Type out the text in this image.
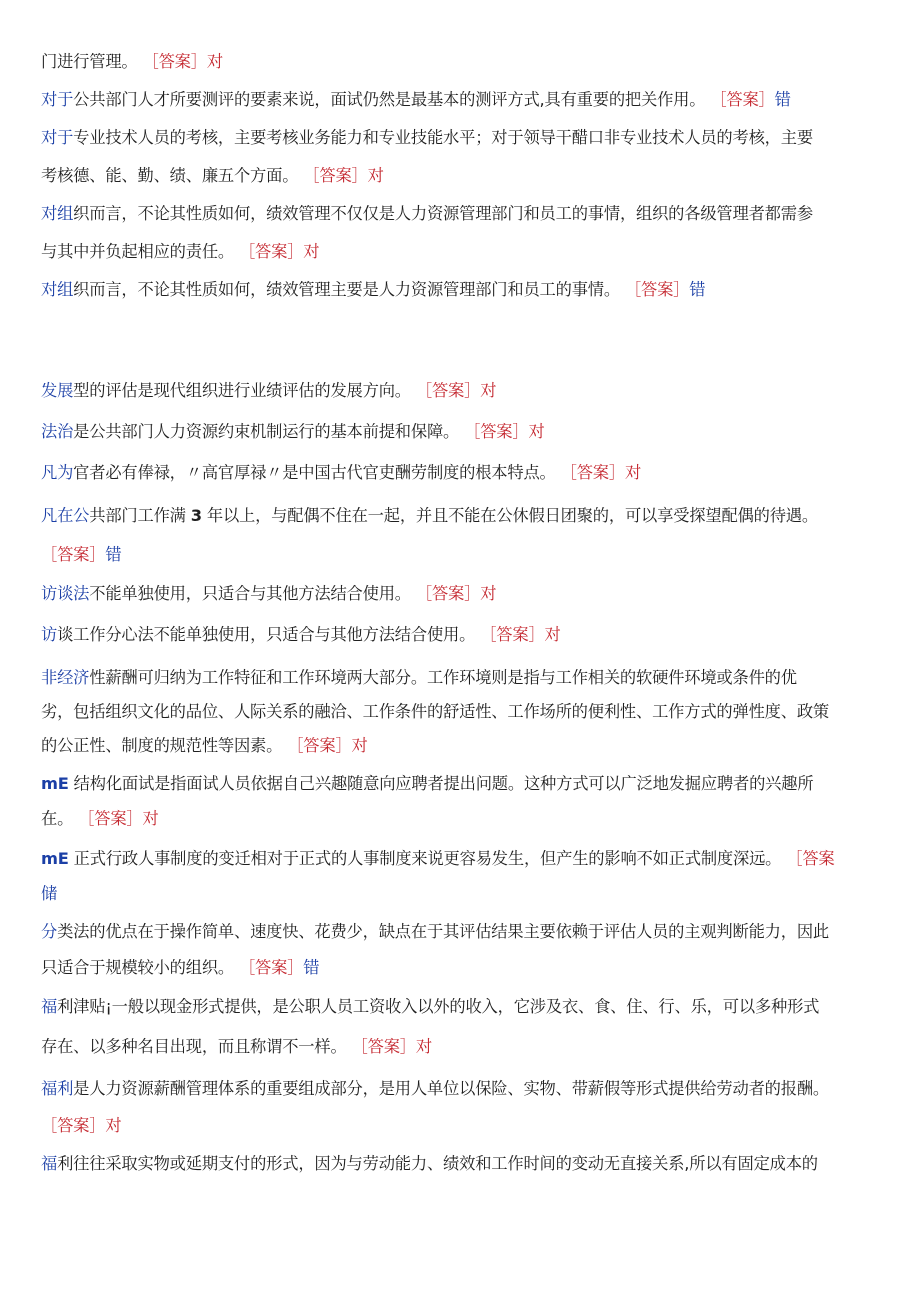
门进行管理。 ［答案］对
对于公共部门人才所要测评的要素来说，面试仍然是最基本的测评方式,具有重要的把关作用。 ［答案］错
对于专业技术人员的考核，主要考核业务能力和专业技能水平；对于领导干醋口非专业技术人员的考核，主要
考核德、能、勤、绩、廉五个方面。 ［答案］对
对组织而言，不论其性质如何，绩效管理不仅仅是人力资源管理部门和员工的事情，组织的各级管理者都需参
与其中并负起相应的责任。 ［答案］对
对组织而言，不论其性质如何，绩效管理主要是人力资源管理部门和员工的事情。 ［答案］错
发展型的评估是现代组织进行业绩评估的发展方向。 ［答案］对
法治是公共部门人力资源约束机制运行的基本前提和保障。 ［答案］对
凡为官者必有俸禄，〃高官厚禄〃是中国古代官吏酬劳制度的根本特点。 ［答案］对
凡在公共部门工作满 3 年以上，与配偶不住在一起，并且不能在公休假日团聚的，可以享受探望配偶的待遇。
［答案］错
访谈法不能单独使用，只适合与其他方法结合使用。 ［答案］对
访谈工作分心法不能单独使用，只适合与其他方法结合使用。 ［答案］对
非经济性薪酬可归纳为工作特征和工作环境两大部分。工作环境则是指与工作相关的软硬件环境或条件的优
劣，包括组织文化的品位、人际关系的融洽、工作条件的舒适性、工作场所的便利性、工作方式的弹性度、政策
的公正性、制度的规范性等因素。 ［答案］对
mE 结构化面试是指面试人员依据自己兴趣随意向应聘者提出问题。这种方式可以广泛地发掘应聘者的兴趣所
在。 ［答案］对
mE 正式行政人事制度的变迁相对于正式的人事制度来说更容易发生，但产生的影响不如正式制度深远。 ［答案
储
分类法的优点在于操作简单、速度快、花费少，缺点在于其评估结果主要依赖于评估人员的主观判断能力，因此
只适合于规模较小的组织。 ［答案］错
福利津贴¡一般以现金形式提供，是公职人员工资收入以外的收入，它涉及衣、食、住、行、乐，可以多种形式
存在、以多种名目出现，而且称谓不一样。 ［答案］对
福利是人力资源薪酬管理体系的重要组成部分，是用人单位以保险、实物、带薪假等形式提供给劳动者的报酬。
［答案］对
福利往往采取实物或延期支付的形式，因为与劳动能力、绩效和工作时间的变动无直接关系,所以有固定成本的
